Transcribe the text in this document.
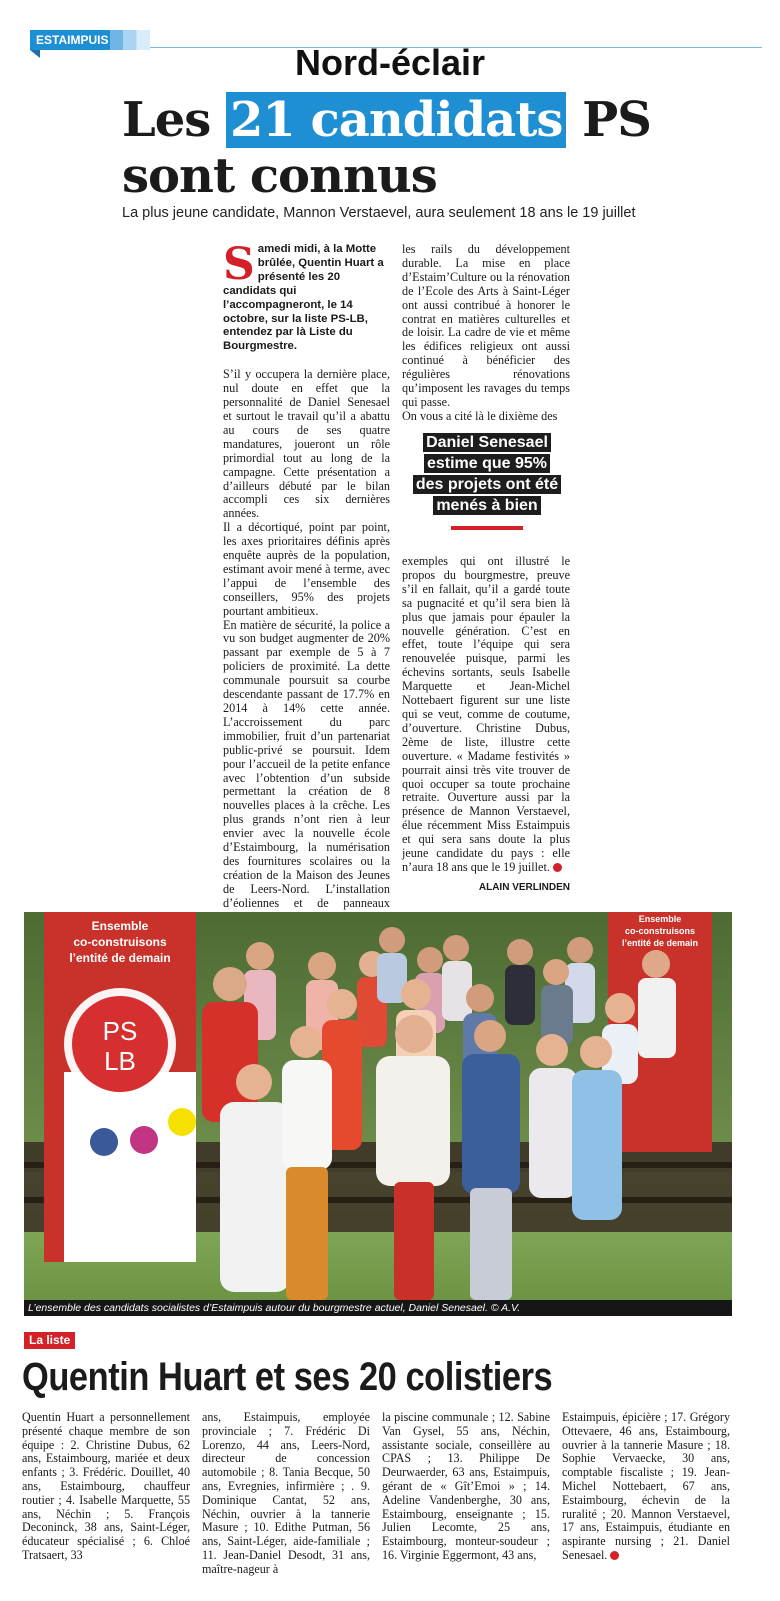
ESTAIMPUIS
Nord-éclair
Les 21 candidats PS sont connus
La plus jeune candidate, Mannon Verstaevel, aura seulement 18 ans le 19 juillet

Samedi midi, à la Motte brûlée, Quentin Huart a présenté les 20 candidats qui l’accompagneront, le 14 octobre, sur la liste PS-LB, entendez par là Liste du Bourgmestre.

S’il y occupera la dernière place, nul doute en effet que la personnalité de Daniel Senesael et surtout le travail qu’il a abattu au cours de ses quatre mandatures, joueront un rôle primordial tout au long de la campagne. Cette présentation a d’ailleurs débuté par le bilan accompli ces six dernières années.

Il a décortiqué, point par point, les axes prioritaires définis après enquête auprès de la population, estimant avoir mené à terme, avec l’appui de l’ensemble des conseillers, 95% des projets pourtant ambitieux.

En matière de sécurité, la police a vu son budget augmenter de 20% passant par exemple de 5 à 7 policiers de proximité. La dette communale poursuit sa courbe descendante passant de 17.7% en 2014 à 14% cette année. L’accroissement du parc immobilier, fruit d’un partenariat public-privé se poursuit. Idem pour l’accueil de la petite enfance avec l’obtention d’un subside permettant la création de 8 nouvelles places à la crêche. Les plus grands n’ont rien à leur envier avec la nouvelle école d’Estaimbourg, la numérisation des fournitures scolaires ou la création de la Maison des Jeunes de Leers-Nord. L’installation d’éoliennes et de panneaux

les rails du développement durable. La mise en place d’Estaim’Culture ou la rénovation de l’Ecole des Arts à Saint-Léger ont aussi contribué à honorer le contrat en matières culturelles et de loisir. La cadre de vie et même les édifices religieux ont aussi continué à bénéficier des régulières rénovations qu’imposent les ravages du temps qui passe.

On vous a cité là le dixième des

Daniel Senesael
estime que 95%
des projets ont été
menés à bien

exemples qui ont illustré le propos du bourgmestre, preuve s’il en fallait, qu’il a gardé toute sa pugnacité et qu’il sera bien là plus que jamais pour épauler la nouvelle génération. C’est en effet, toute l’équipe qui sera renouvelée puisque, parmi les échevins sortants, seuls Isabelle Marquette et Jean-Michel Nottebaert figurent sur une liste qui se veut, comme de coutume, d’ouverture. Christine Dubus, 2ème de liste, illustre cette ouverture. « Madame festivités » pourrait ainsi très vite trouver de quoi occuper sa toute prochaine retraite. Ouverture aussi par la présence de Mannon Verstaevel, élue récemment Miss Estaimpuis et qui sera sans doute la plus jeune candidate du pays : elle n’aura 18 ans que le 19 juillet.

ALAIN VERLINDEN
Ensemble
co-construisons
l’entité de demain
PS
LB
Ensemble
co-construisons
l’entité de demain
L’ensemble des candidats socialistes d’Estaimpuis autour du bourgmestre actuel, Daniel Senesael. © A.V.
La liste
Quentin Huart et ses 20 colistiers
Quentin Huart a personnellement présenté chaque membre de son équipe : 2. Christine Dubus, 62 ans, Estaimbourg, mariée et deux enfants ; 3. Frédéric. Douillet, 40 ans, Estaimbourg, chauffeur routier ; 4. Isabelle Marquette, 55 ans, Néchin ; 5. François Deconinck, 38 ans, Saint-Léger, éducateur spécialisé ; 6. Chloé Tratsaert, 33
ans, Estaimpuis, employée provinciale ; 7. Frédéric Di Lorenzo, 44 ans, Leers-Nord, directeur de concession automobile ; 8. Tania Becque, 50 ans, Evregnies, infirmière ; . 9. Dominique Cantat, 52 ans, Néchin, ouvrier à la tannerie Masure ; 10. Edithe Putman, 56 ans, Saint-Léger, aide-familiale ; 11. Jean-Daniel Desodt, 31 ans, maître-nageur à
la piscine communale ; 12. Sabine Van Gysel, 55 ans, Néchin, assistante sociale, conseillère au CPAS ; 13. Philippe De Deurwaerder, 63 ans, Estaimpuis, gérant de « Gît’Emoi » ; 14. Adeline Vandenberghe, 30 ans, Estaimbourg, enseignante ; 15. Julien Lecomte, 25 ans, Estaimbourg, monteur-soudeur ; 16. Virginie Eggermont, 43 ans,
Estaimpuis, épicière ; 17. Grégory Ottevaere, 46 ans, Estaimbourg, ouvrier à la tannerie Masure ; 18. Sophie Vervaecke, 30 ans, comptable fiscaliste ; 19. Jean-Michel Nottebaert, 67 ans, Estaimbourg, échevin de la ruralité ; 20. Mannon Verstaevel, 17 ans, Estaimpuis, étudiante en aspirante nursing ; 21. Daniel Senesael.
